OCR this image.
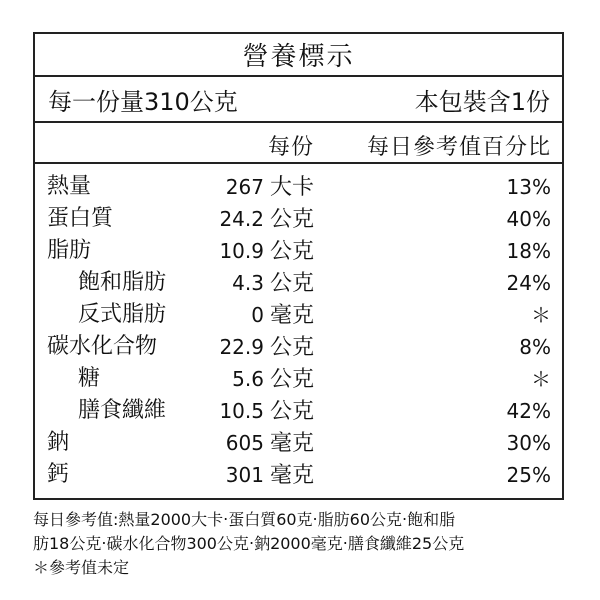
營養標示
每一份量310公克	本包裝含1份
每份 每日參考值百分比
熱量	267 大卡	13%
蛋白質	24.2 公克	40%
脂肪	10.9 公克	18%
飽和脂肪	4.3 公克	24%
反式脂肪	0 毫克	＊
碳水化合物	22.9 公克	8%
糖	5.6 公克	＊
膳食纖維	10.5 公克	42%
鈉	605 毫克	30%
鈣	301 毫克	25%
每日參考值:熱量2000大卡‧蛋白質60克‧脂肪60公克‧飽和脂
肪18公克‧碳水化合物300公克‧鈉2000毫克‧膳食纖維25公克
＊參考值未定
